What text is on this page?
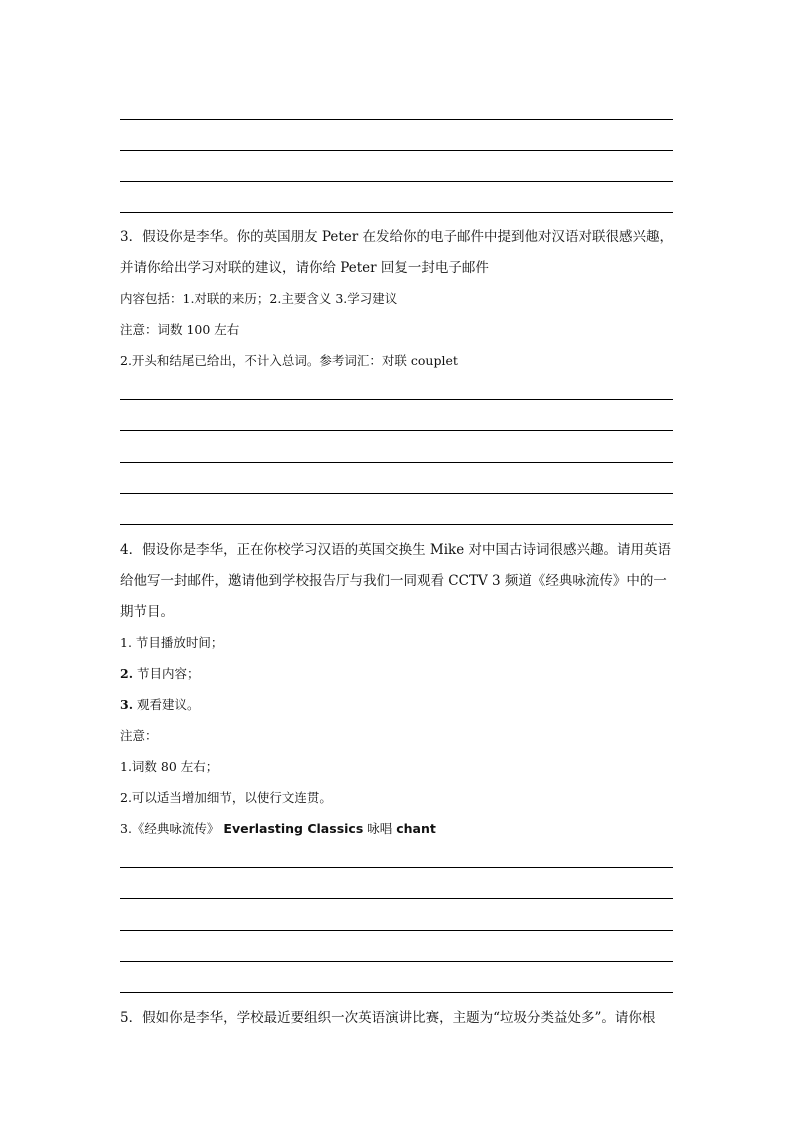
3．假设你是李华。你的英国朋友 Peter 在发给你的电子邮件中提到他对汉语对联很感兴趣，
并请你给出学习对联的建议，请你给 Peter 回复一封电子邮件
内容包括：1.对联的来历；2.主要含义 3.学习建议
注意：词数 100 左右
2.开头和结尾已给出，不计入总词。参考词汇：对联 couplet
4．假设你是李华，正在你校学习汉语的英国交换生 Mike 对中国古诗词很感兴趣。请用英语
给他写一封邮件，邀请他到学校报告厅与我们一同观看 CCTV 3 频道《经典咏流传》中的一
期节目。
1. 节目播放时间；
2. 节目内容；
3. 观看建议。
注意：
1.词数 80 左右；
2.可以适当增加细节，以使行文连贯。
3.《经典咏流传》 Everlasting Classics 咏唱 chant
5．假如你是李华，学校最近要组织一次英语演讲比赛，主题为“垃圾分类益处多”。请你根
